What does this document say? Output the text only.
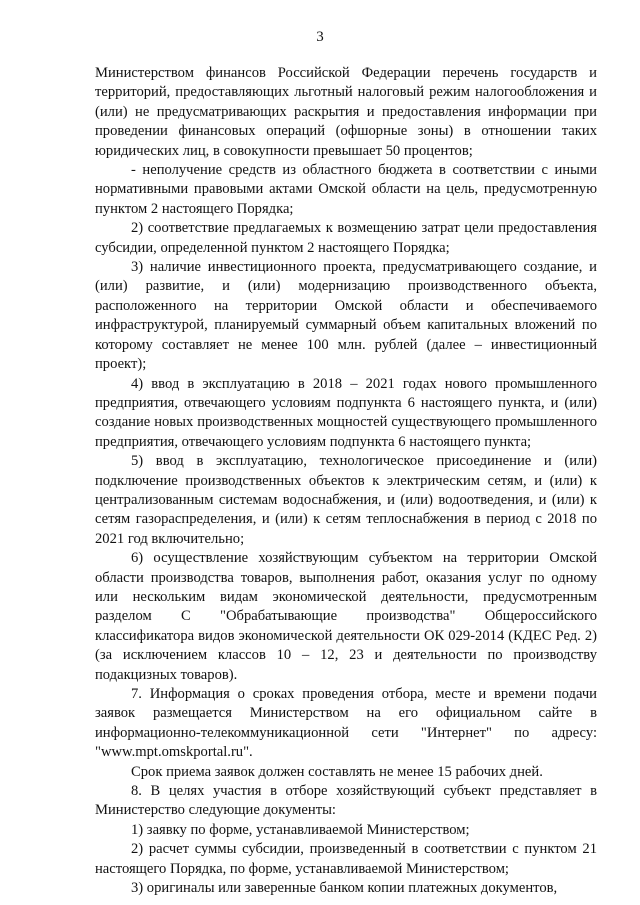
3

Министерством финансов Российской Федерации перечень государств и территорий, предоставляющих льготный налоговый режим налогообложения и (или) не предусматривающих раскрытия и предоставления информации при проведении финансовых операций (офшорные зоны) в отношении таких юридических лиц, в совокупности превышает 50 процентов;

- неполучение средств из областного бюджета в соответствии с иными нормативными правовыми актами Омской области на цель, предусмотренную пунктом 2 настоящего Порядка;

2) соответствие предлагаемых к возмещению затрат цели предоставления субсидии, определенной пунктом 2 настоящего Порядка;

3) наличие инвестиционного проекта, предусматривающего создание, и (или) развитие, и (или) модернизацию производственного объекта, расположенного на территории Омской области и обеспечиваемого инфраструктурой, планируемый суммарный объем капитальных вложений по которому составляет не менее 100 млн. рублей (далее – инвестиционный проект);

4) ввод в эксплуатацию в 2018 – 2021 годах нового промышленного предприятия, отвечающего условиям подпункта 6 настоящего пункта, и (или) создание новых производственных мощностей существующего промышленного предприятия, отвечающего условиям подпункта 6 настоящего пункта;

5) ввод в эксплуатацию, технологическое присоединение и (или) подключение производственных объектов к электрическим сетям, и (или) к централизованным системам водоснабжения, и (или) водоотведения, и (или) к сетям газораспределения, и (или) к сетям теплоснабжения в период с 2018 по 2021 год включительно;

6) осуществление хозяйствующим субъектом на территории Омской области производства товаров, выполнения работ, оказания услуг по одному или нескольким видам экономической деятельности, предусмотренным разделом С "Обрабатывающие производства" Общероссийского классификатора видов экономической деятельности ОК 029-2014 (КДЕС Ред. 2) (за исключением классов 10 – 12, 23 и деятельности по производству подакцизных товаров).

7. Информация о сроках проведения отбора, месте и времени подачи заявок размещается Министерством на его официальном сайте в информационно-телекоммуникационной сети "Интернет" по адресу: "www.mpt.omskportal.ru".

Срок приема заявок должен составлять не менее 15 рабочих дней.

8. В целях участия в отборе хозяйствующий субъект представляет в Министерство следующие документы:

1) заявку по форме, устанавливаемой Министерством;

2) расчет суммы субсидии, произведенный в соответствии с пунктом 21 настоящего Порядка, по форме, устанавливаемой Министерством;

3) оригиналы или заверенные банком копии платежных документов,
